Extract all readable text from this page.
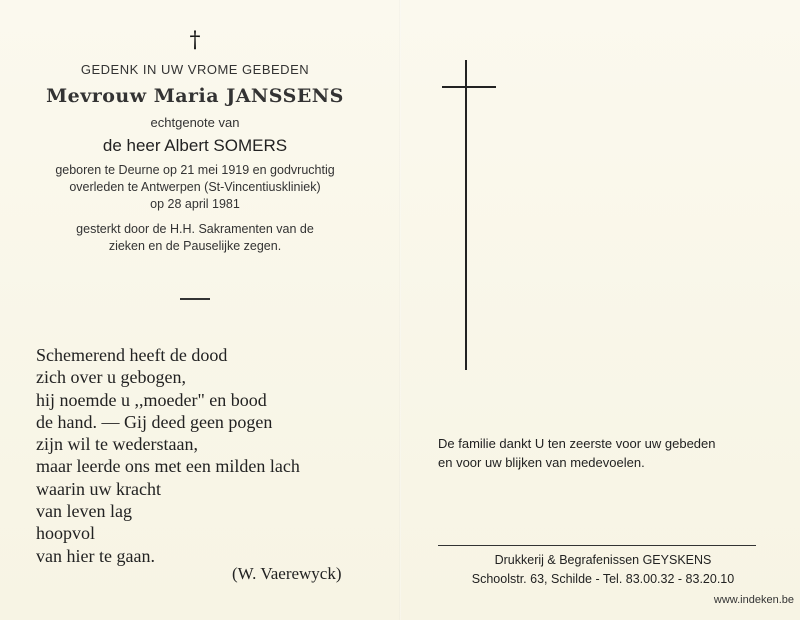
†
GEDENK IN UW VROME GEBEDEN
Mevrouw Maria JANSSENS
echtgenote van
de heer Albert SOMERS
geboren te Deurne op 21 mei 1919 en godvruchtig
overleden te Antwerpen (St-Vincentiuskliniek)
op 28 april 1981
gesterkt door de H.H. Sakramenten van de
zieken en de Pauselijke zegen.
Schemerend heeft de dood
zich over u gebogen,
hij noemde u ,,moeder" en bood
de hand. — Gij deed geen pogen
zijn wil te wederstaan,
maar leerde ons met een milden lach
waarin uw kracht
van leven lag
hoopvol
van hier te gaan.
(W. Vaerewyck)
De familie dankt U ten zeerste voor uw gebeden
en voor uw blijken van medevoelen.
Drukkerij & Begrafenissen GEYSKENS
Schoolstr. 63, Schilde - Tel. 83.00.32 - 83.20.10
www.indeken.be
